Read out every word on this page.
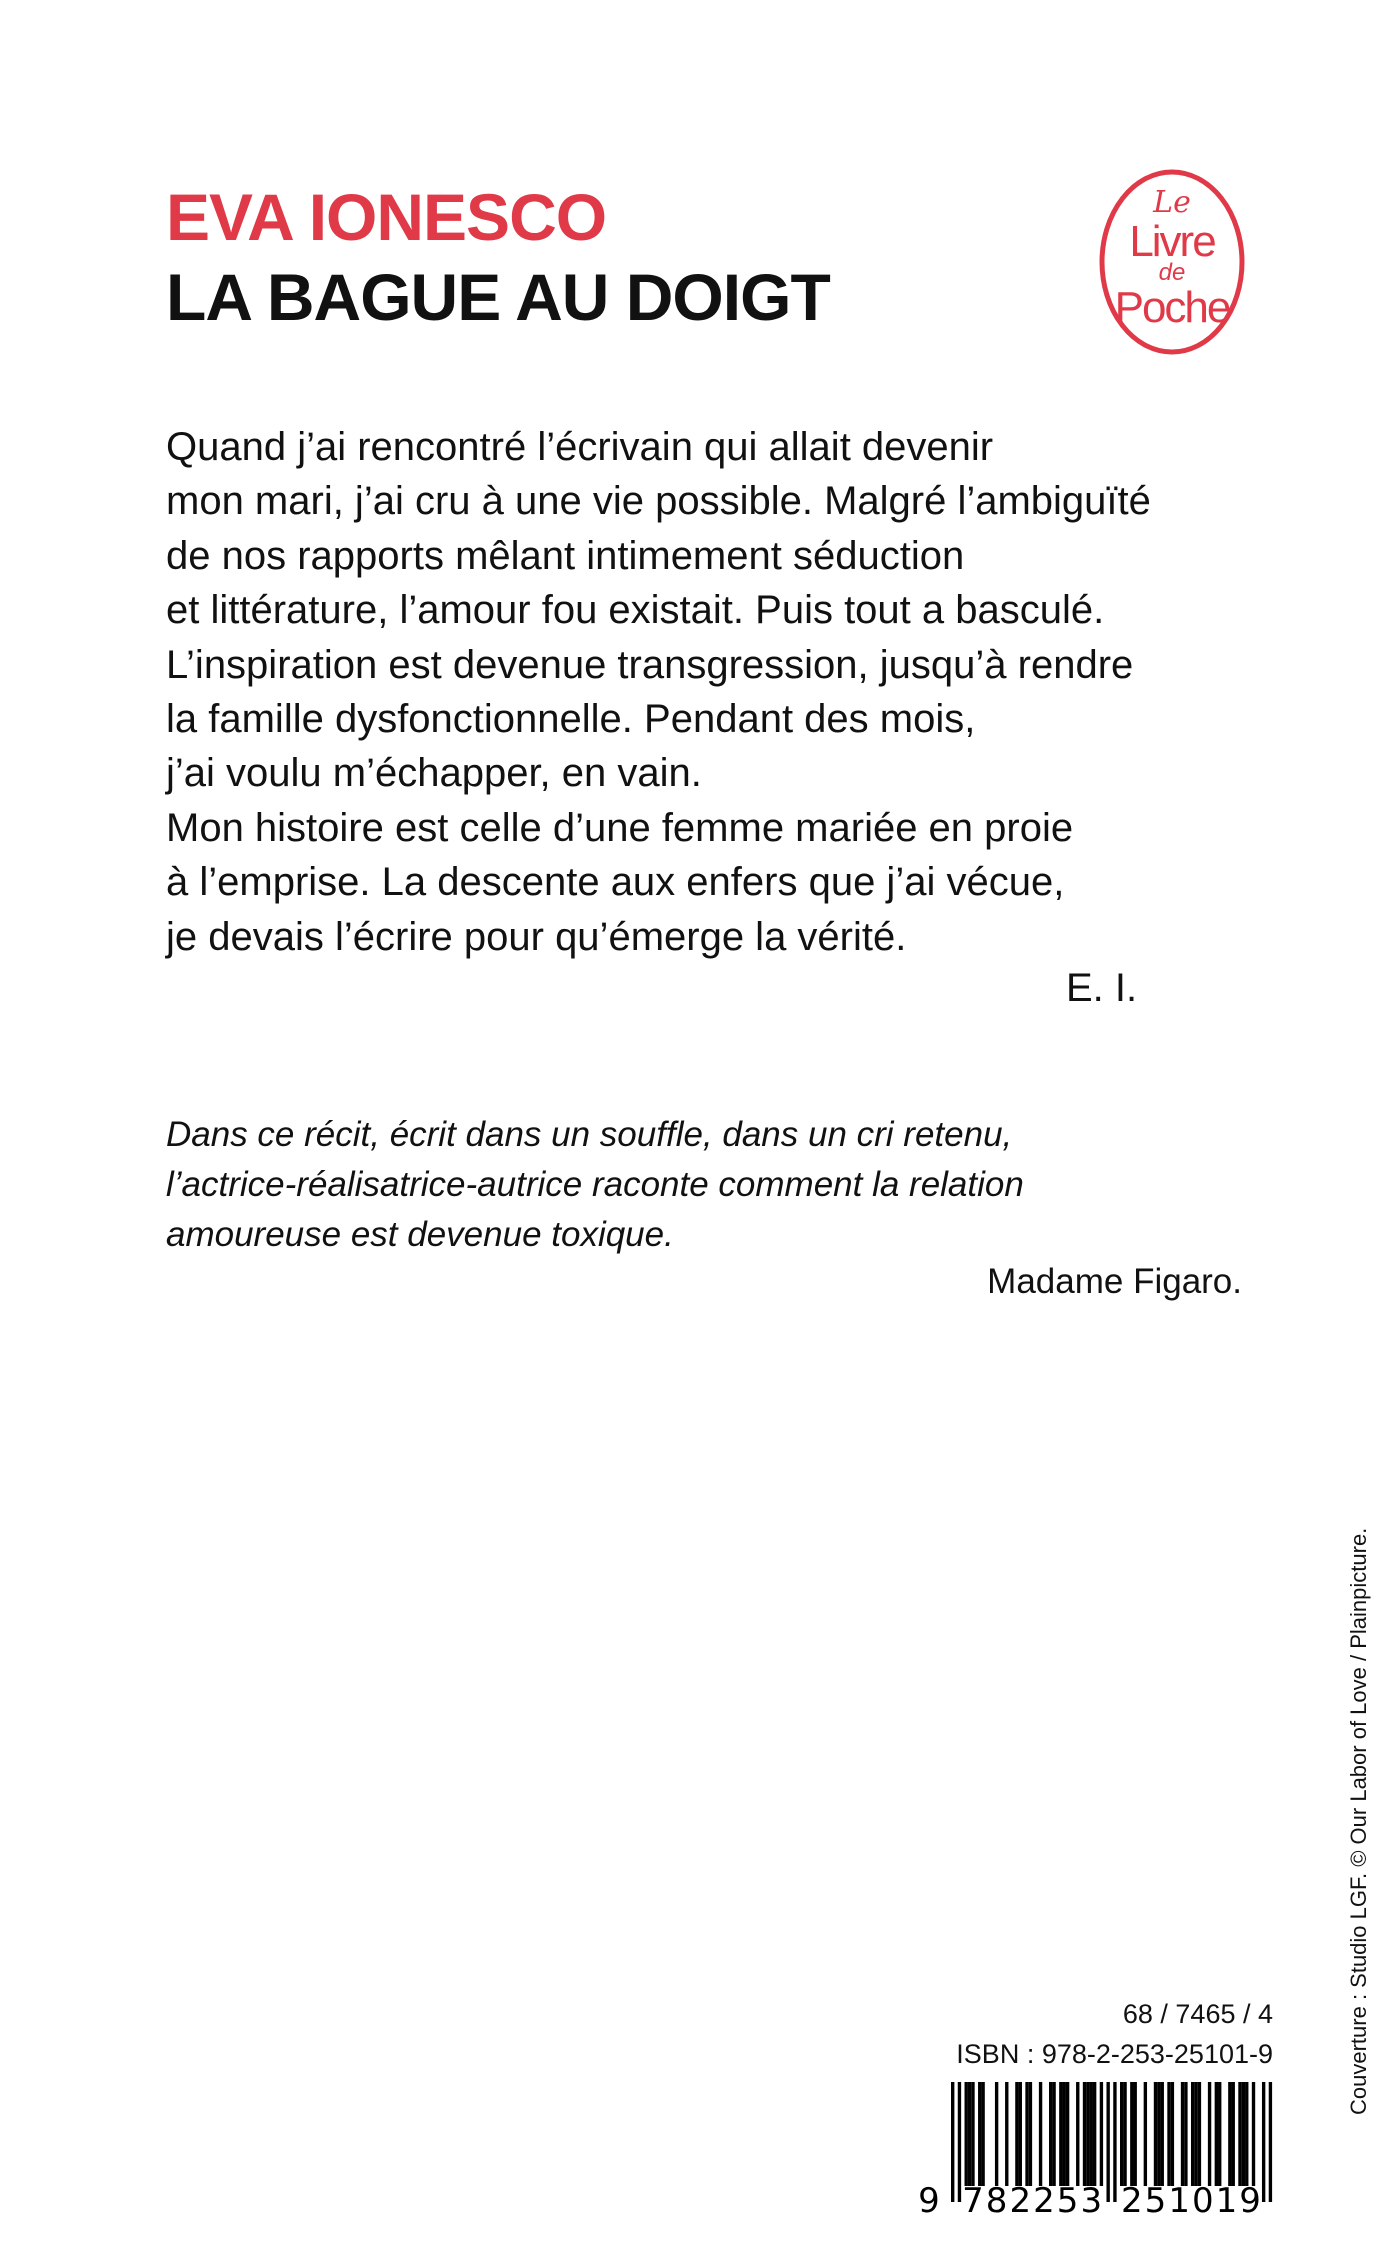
EVA IONESCO
LA BAGUE AU DOIGT
Le
Livre
de
Poche
Quand j’ai rencontré l’écrivain qui allait devenir
mon mari, j’ai cru à une vie possible. Malgré l’ambiguïté
de nos rapports mêlant intimement séduction
et littérature, l’amour fou existait. Puis tout a basculé.
L’inspiration est devenue transgression, jusqu’à rendre
la famille dysfonctionnelle. Pendant des mois,
j’ai voulu m’échapper, en vain.
Mon histoire est celle d’une femme mariée en proie
à l’emprise. La descente aux enfers que j’ai vécue,
je devais l’écrire pour qu’émerge la vérité.
E. I.
Dans ce récit, écrit dans un souffle, dans un cri retenu,
l’actrice-réalisatrice-autrice raconte comment la relation
amoureuse est devenue toxique.
Madame Figaro.
68 / 7465 / 4
ISBN : 978-2-253-25101-9
9 7 8 2 2 5 3 2 5 1 0 1 9
Couverture : Studio LGF. © Our Labor of Love / Plainpicture.
